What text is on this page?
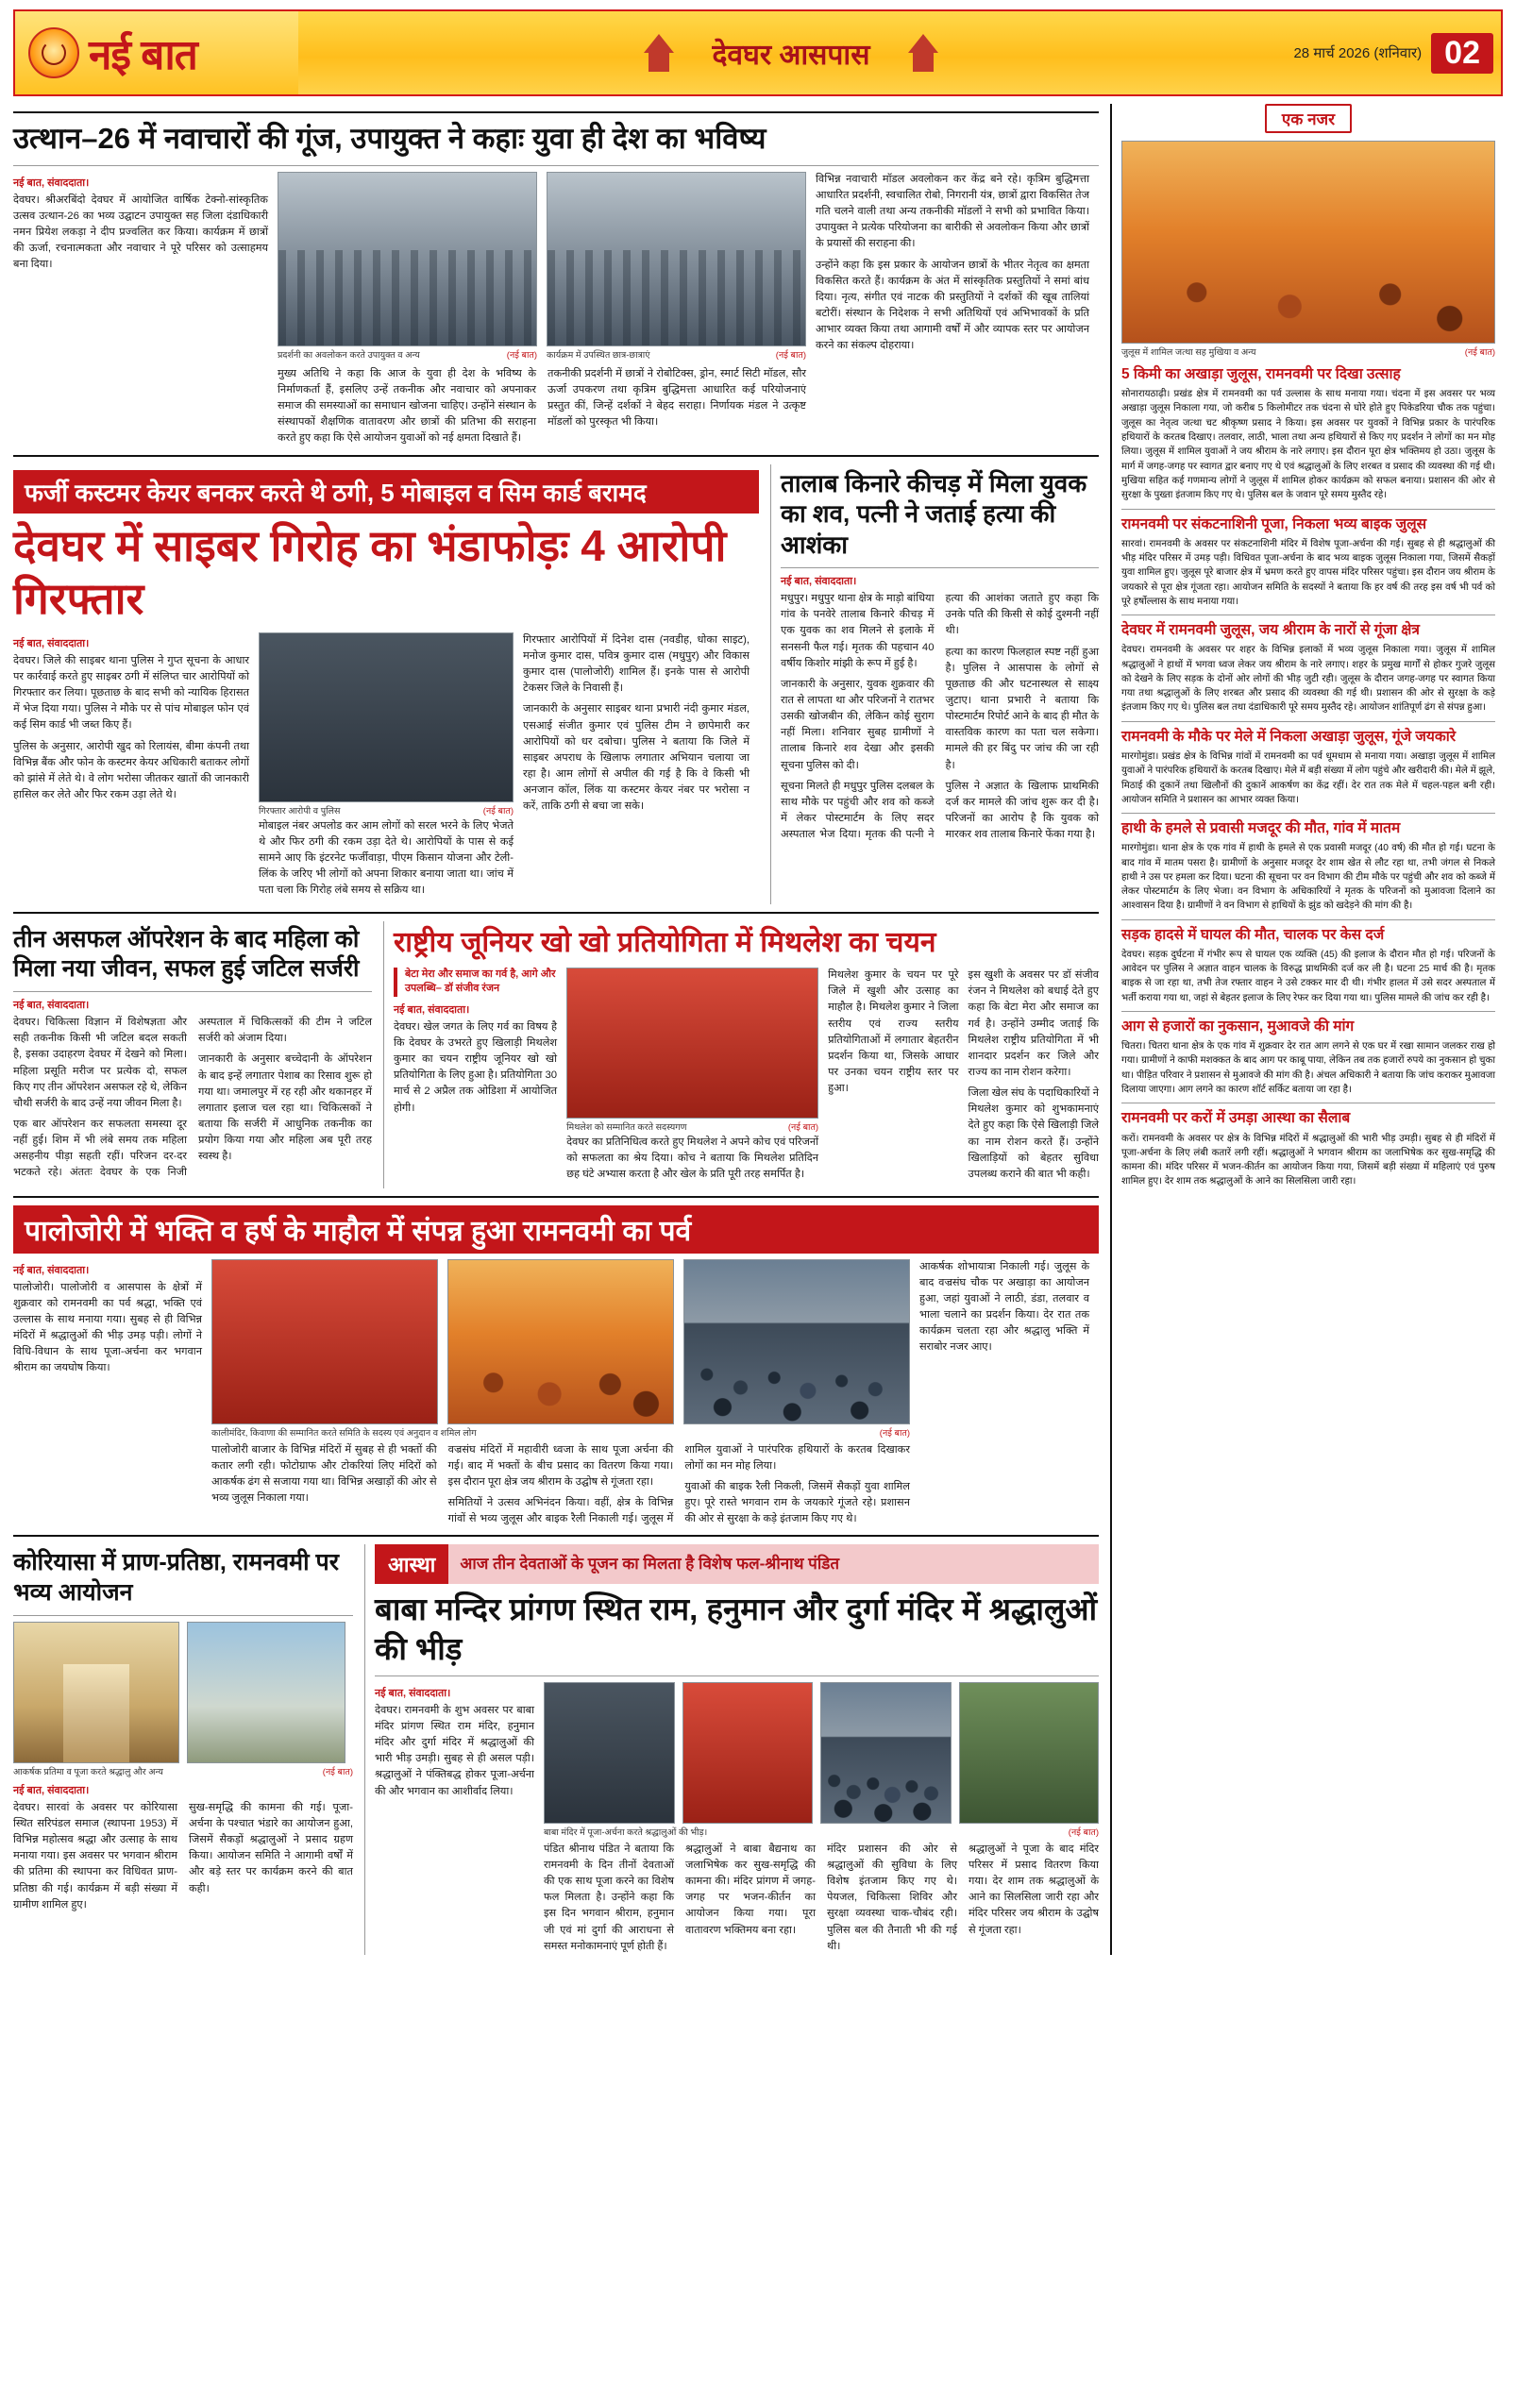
नई बात	देवघर आसपास	28 मार्च 2026 (शनिवार) 02
उत्थान–26 में नवाचारों की गूंज, उपायुक्त ने कहाः युवा ही देश का भविष्य
नई बात, संवाददाता।

देवघर। श्रीअरबिंदो देवघर में आयोजित वार्षिक टेक्नो-सांस्कृतिक उत्सव उत्थान-26 का भव्य उद्घाटन उपायुक्त सह जिला दंडाधिकारी नमन प्रियेश लकड़ा ने दीप प्रज्वलित कर किया। कार्यक्रम में छात्रों की ऊर्जा, रचनात्मकता और नवाचार ने पूरे परिसर को उत्साहमय बना दिया।

प्रदर्शनी का अवलोकन करते उपायुक्त व अन्य	(नई बात) कार्यक्रम में उपस्थित छात्र-छात्राएं	(नई बात)

मुख्य अतिथि ने कहा कि आज के युवा ही देश के भविष्य के निर्माणकर्ता हैं, इसलिए उन्हें तकनीक और नवाचार को अपनाकर समाज की समस्याओं का समाधान खोजना चाहिए। उन्होंने संस्थान के संस्थापकों शैक्षणिक वातावरण और छात्रों की प्रतिभा की सराहना करते हुए कहा कि ऐसे आयोजन युवाओं को नई क्षमता दिखाते हैं।

तकनीकी प्रदर्शनी में छात्रों ने रोबोटिक्स, ड्रोन, स्मार्ट सिटी मॉडल, सौर ऊर्जा उपकरण तथा कृत्रिम बुद्धिमत्ता आधारित कई परियोजनाएं प्रस्तुत कीं, जिन्हें दर्शकों ने बेहद सराहा। निर्णायक मंडल ने उत्कृष्ट मॉडलों को पुरस्कृत भी किया।

विभिन्न नवाचारी मॉडल अवलोकन कर केंद्र बने रहे। कृत्रिम बुद्धिमत्ता आधारित प्रदर्शनी, स्वचालित रोबो, निगरानी यंत्र, छात्रों द्वारा विकसित तेज गति चलने वाली तथा अन्य तकनीकी मॉडलों ने सभी को प्रभावित किया। उपायुक्त ने प्रत्येक परियोजना का बारीकी से अवलोकन किया और छात्रों के प्रयासों की सराहना की।

उन्होंने कहा कि इस प्रकार के आयोजन छात्रों के भीतर नेतृत्व का क्षमता विकसित करते हैं। कार्यक्रम के अंत में सांस्कृतिक प्रस्तुतियों ने समां बांध दिया। नृत्य, संगीत एवं नाटक की प्रस्तुतियों ने दर्शकों की खूब तालियां बटोरीं। संस्थान के निदेशक ने सभी अतिथियों एवं अभिभावकों के प्रति आभार व्यक्त किया तथा आगामी वर्षों में और व्यापक स्तर पर आयोजन करने का संकल्प दोहराया।

फर्जी कस्टमर केयर बनकर करते थे ठगी, 5 मोबाइल व सिम कार्ड बरामद
देवघर में साइबर गिरोह का भंडाफोड़ः 4 आरोपी गिरफ्तार
नई बात, संवाददाता।

देवघर। जिले की साइबर थाना पुलिस ने गुप्त सूचना के आधार पर कार्रवाई करते हुए साइबर ठगी में संलिप्त चार आरोपियों को गिरफ्तार कर लिया। पूछताछ के बाद सभी को न्यायिक हिरासत में भेज दिया गया। पुलिस ने मौके पर से पांच मोबाइल फोन एवं कई सिम कार्ड भी जब्त किए हैं।

पुलिस के अनुसार, आरोपी खुद को रिलायंस, बीमा कंपनी तथा विभिन्न बैंक और फोन के कस्टमर केयर अधिकारी बताकर लोगों को झांसे में लेते थे। वे लोग भरोसा जीतकर खातों की जानकारी हासिल कर लेते और फिर रकम उड़ा लेते थे।

गिरफ्तार आरोपी व पुलिस	(नई बात)

मोबाइल नंबर अपलोड कर आम लोगों को सरल भरने के लिए भेजते थे और फिर ठगी की रकम उड़ा देते थे। आरोपियों के पास से कई सामने आए कि इंटरनेट फर्जीवाड़ा, पीएम किसान योजना और टेली-लिंक के जरिए भी लोगों को अपना शिकार बनाया जाता था। जांच में पता चला कि गिरोह लंबे समय से सक्रिय था।

गिरफ्तार आरोपियों में दिनेश दास (नवडीह, धोका साइट), मनोज कुमार दास, पवित्र कुमार दास (मधुपुर) और विकास कुमार दास (पालोजोरी) शामिल हैं। इनके पास से आरोपी टेकसर जिले के निवासी हैं।

जानकारी के अनुसार साइबर थाना प्रभारी नंदी कुमार मंडल, एसआई संजीत कुमार एवं पुलिस टीम ने छापेमारी कर आरोपियों को धर दबोचा। पुलिस ने बताया कि जिले में साइबर अपराध के खिलाफ लगातार अभियान चलाया जा रहा है। आम लोगों से अपील की गई है कि वे किसी भी अनजान कॉल, लिंक या कस्टमर केयर नंबर पर भरोसा न करें, ताकि ठगी से बचा जा सके।

तालाब किनारे कीचड़ में मिला युवक का शव, पत्नी ने जताई हत्या की आशंका
नई बात, संवाददाता।

मधुपुर। मधुपुर थाना क्षेत्र के माड़ो बांधिया गांव के पनवेरे तालाब किनारे कीचड़ में एक युवक का शव मिलने से इलाके में सनसनी फैल गई। मृतक की पहचान 40 वर्षीय किशोर मांझी के रूप में हुई है।

जानकारी के अनुसार, युवक शुक्रवार की रात से लापता था और परिजनों ने रातभर उसकी खोजबीन की, लेकिन कोई सुराग नहीं मिला। शनिवार सुबह ग्रामीणों ने तालाब किनारे शव देखा और इसकी सूचना पुलिस को दी।

सूचना मिलते ही मधुपुर पुलिस दलबल के साथ मौके पर पहुंची और शव को कब्जे में लेकर पोस्टमार्टम के लिए सदर अस्पताल भेज दिया। मृतक की पत्नी ने हत्या की आशंका जताते हुए कहा कि उनके पति की किसी से कोई दुश्मनी नहीं थी।

हत्या का कारण फिलहाल स्पष्ट नहीं हुआ है। पुलिस ने आसपास के लोगों से पूछताछ की और घटनास्थल से साक्ष्य जुटाए। थाना प्रभारी ने बताया कि पोस्टमार्टम रिपोर्ट आने के बाद ही मौत के वास्तविक कारण का पता चल सकेगा। मामले की हर बिंदु पर जांच की जा रही है।

पुलिस ने अज्ञात के खिलाफ प्राथमिकी दर्ज कर मामले की जांच शुरू कर दी है। परिजनों का आरोप है कि युवक को मारकर शव तालाब किनारे फेंका गया है।

तीन असफल ऑपरेशन के बाद महिला को मिला नया जीवन, सफल हुई जटिल सर्जरी
नई बात, संवाददाता।

देवघर। चिकित्सा विज्ञान में विशेषज्ञता और सही तकनीक किसी भी जटिल बदल सकती है, इसका उदाहरण देवघर में देखने को मिला। महिला प्रसूति मरीज पर प्रत्येक दो, सफल किए गए तीन ऑपरेशन असफल रहे थे, लेकिन चौथी सर्जरी के बाद उन्हें नया जीवन मिला है।

एक बार ऑपरेशन कर सफलता समस्या दूर नहीं हुई। शिम में भी लंबे समय तक महिला असहनीय पीड़ा सहती रहीं। परिजन दर-दर भटकते रहे। अंततः देवघर के एक निजी अस्पताल में चिकित्सकों की टीम ने जटिल सर्जरी को अंजाम दिया।

जानकारी के अनुसार बच्चेदानी के ऑपरेशन के बाद इन्हें लगातार पेशाब का रिसाव शुरू हो गया था। जमालपुर में रह रही और थकानहर में लगातार इलाज चल रहा था। चिकित्सकों ने बताया कि सर्जरी में आधुनिक तकनीक का प्रयोग किया गया और महिला अब पूरी तरह स्वस्थ है।

राष्ट्रीय जूनियर खो खो प्रतियोगिता में मिथलेश का चयन
बेटा मेरा और समाज का गर्व है, आगे और उपलब्धि– डॉ संजीव रंजन
नई बात, संवाददाता।

देवघर। खेल जगत के लिए गर्व का विषय है कि देवघर के उभरते हुए खिलाड़ी मिथलेश कुमार का चयन राष्ट्रीय जूनियर खो खो प्रतियोगिता के लिए हुआ है। प्रतियोगिता 30 मार्च से 2 अप्रैल तक ओडिशा में आयोजित होगी।

मिथलेश को सम्मानित करते सदस्यगण	(नई बात)

देवघर का प्रतिनिधित्व करते हुए मिथलेश ने अपने कोच एवं परिजनों को सफलता का श्रेय दिया। कोच ने बताया कि मिथलेश प्रतिदिन छह घंटे अभ्यास करता है और खेल के प्रति पूरी तरह समर्पित है।

मिथलेश कुमार के चयन पर पूरे जिले में खुशी और उत्साह का माहौल है। मिथलेश कुमार ने जिला स्तरीय एवं राज्य स्तरीय प्रतियोगिताओं में लगातार बेहतरीन प्रदर्शन किया था, जिसके आधार पर उनका चयन राष्ट्रीय स्तर पर हुआ।

इस खुशी के अवसर पर डॉ संजीव रंजन ने मिथलेश को बधाई देते हुए कहा कि बेटा मेरा और समाज का गर्व है। उन्होंने उम्मीद जताई कि मिथलेश राष्ट्रीय प्रतियोगिता में भी शानदार प्रदर्शन कर जिले और राज्य का नाम रोशन करेगा।

जिला खेल संघ के पदाधिकारियों ने मिथलेश कुमार को शुभकामनाएं देते हुए कहा कि ऐसे खिलाड़ी जिले का नाम रोशन करते हैं। उन्होंने खिलाड़ियों को बेहतर सुविधा उपलब्ध कराने की बात भी कही।

पालोजोरी में भक्ति व हर्ष के माहौल में संपन्न हुआ रामनवमी का पर्व
नई बात, संवाददाता।

पालोजोरी। पालोजोरी व आसपास के क्षेत्रों में शुक्रवार को रामनवमी का पर्व श्रद्धा, भक्ति एवं उल्लास के साथ मनाया गया। सुबह से ही विभिन्न मंदिरों में श्रद्धालुओं की भीड़ उमड़ पड़ी। लोगों ने विधि-विधान के साथ पूजा-अर्चना कर भगवान श्रीराम का जयघोष किया।

कालीमंदिर, किवाणा की सम्मानित करते समिति के सदस्य एवं अनुदान व शमिल लोग	(नई बात)

पालोजोरी बाजार के विभिन्न मंदिरों में सुबह से ही भक्तों की कतार लगी रही। फोटोग्राफ और टोकरियां लिए मंदिरों को आकर्षक ढंग से सजाया गया था। विभिन्न अखाड़ों की ओर से भव्य जुलूस निकाला गया।

वज्रसंघ मंदिरों में महावीरी ध्वजा के साथ पूजा अर्चना की गई। बाद में भक्तों के बीच प्रसाद का वितरण किया गया। इस दौरान पूरा क्षेत्र जय श्रीराम के उद्घोष से गूंजता रहा।

समितियों ने उत्सव अभिनंदन किया। वहीं, क्षेत्र के विभिन्न गांवों से भव्य जुलूस और बाइक रैली निकाली गई। जुलूस में शामिल युवाओं ने पारंपरिक हथियारों के करतब दिखाकर लोगों का मन मोह लिया।

युवाओं की बाइक रैली निकली, जिसमें सैकड़ों युवा शामिल हुए। पूरे रास्ते भगवान राम के जयकारे गूंजते रहे। प्रशासन की ओर से सुरक्षा के कड़े इंतजाम किए गए थे।

आकर्षक शोभायात्रा निकाली गई। जुलूस के बाद वज्रसंघ चौक पर अखाड़ा का आयोजन हुआ, जहां युवाओं ने लाठी, डंडा, तलवार व भाला चलाने का प्रदर्शन किया। देर रात तक कार्यक्रम चलता रहा और श्रद्धालु भक्ति में सराबोर नजर आए।

कोरियासा में प्राण-प्रतिष्ठा, रामनवमी पर भव्य आयोजन
आकर्षक प्रतिमा व पूजा करते श्रद्धालु और अन्य	(नई बात)
नई बात, संवाददाता।

देवघर। सारवां के अवसर पर कोरियासा स्थित सरिपंडल समाज (स्थापना 1953) में विभिन्न महोत्सव श्रद्धा और उत्साह के साथ मनाया गया। इस अवसर पर भगवान श्रीराम की प्रतिमा की स्थापना कर विधिवत प्राण-प्रतिष्ठा की गई। कार्यक्रम में बड़ी संख्या में ग्रामीण शामिल हुए।

सुख-समृद्धि की कामना की गई। पूजा-अर्चना के पश्चात भंडारे का आयोजन हुआ, जिसमें सैकड़ों श्रद्धालुओं ने प्रसाद ग्रहण किया। आयोजन समिति ने आगामी वर्षों में और बड़े स्तर पर कार्यक्रम करने की बात कही।

आस्था	आज तीन देवताओं के पूजन का मिलता है विशेष फल-श्रीनाथ पंडित
बाबा मन्दिर प्रांगण स्थित राम, हनुमान और दुर्गा मंदिर में श्रद्धालुओं की भीड़
नई बात, संवाददाता।

देवघर। रामनवमी के शुभ अवसर पर बाबा मंदिर प्रांगण स्थित राम मंदिर, हनुमान मंदिर और दुर्गा मंदिर में श्रद्धालुओं की भारी भीड़ उमड़ी। सुबह से ही असल पड़ी। श्रद्धालुओं ने पंक्तिबद्ध होकर पूजा-अर्चना की और भगवान का आशीर्वाद लिया।

बाबा मंदिर में पूजा-अर्चना करते श्रद्धालुओं की भीड़।	(नई बात)

पंडित श्रीनाथ पंडित ने बताया कि रामनवमी के दिन तीनों देवताओं की एक साथ पूजा करने का विशेष फल मिलता है। उन्होंने कहा कि इस दिन भगवान श्रीराम, हनुमान जी एवं मां दुर्गा की आराधना से समस्त मनोकामनाएं पूर्ण होती हैं।

श्रद्धालुओं ने बाबा बैद्यनाथ का जलाभिषेक कर सुख-समृद्धि की कामना की। मंदिर प्रांगण में जगह-जगह पर भजन-कीर्तन का आयोजन किया गया। पूरा वातावरण भक्तिमय बना रहा।

मंदिर प्रशासन की ओर से श्रद्धालुओं की सुविधा के लिए विशेष इंतजाम किए गए थे। पेयजल, चिकित्सा शिविर और सुरक्षा व्यवस्था चाक-चौबंद रही। पुलिस बल की तैनाती भी की गई थी।

श्रद्धालुओं ने पूजा के बाद मंदिर परिसर में प्रसाद वितरण किया गया। देर शाम तक श्रद्धालुओं के आने का सिलसिला जारी रहा और मंदिर परिसर जय श्रीराम के उद्घोष से गूंजता रहा।

एक नजर
जुलूस में शामिल जत्था सह मुखिया व अन्य	(नई बात)
5 किमी का अखाड़ा जुलूस, रामनवमी पर दिखा उत्साह
सोनारायठाढ़ी। प्रखंड क्षेत्र में रामनवमी का पर्व उल्लास के साथ मनाया गया। चंदना में इस अवसर पर भव्य अखाड़ा जुलूस निकाला गया, जो करीब 5 किलोमीटर तक चंदना से घोरे होते हुए पिकेडरिया चौक तक पहुंचा। जुलूस का नेतृत्व जत्था चट श्रीकृष्ण प्रसाद ने किया। इस अवसर पर युवकों ने विभिन्न प्रकार के पारंपरिक हथियारों के करतब दिखाए। तलवार, लाठी, भाला तथा अन्य हथियारों से किए गए प्रदर्शन ने लोगों का मन मोह लिया। जुलूस में शामिल युवाओं ने जय श्रीराम के नारे लगाए। इस दौरान पूरा क्षेत्र भक्तिमय हो उठा। जुलूस के मार्ग में जगह-जगह पर स्वागत द्वार बनाए गए थे एवं श्रद्धालुओं के लिए शरबत व प्रसाद की व्यवस्था की गई थी। मुखिया सहित कई गणमान्य लोगों ने जुलूस में शामिल होकर कार्यक्रम को सफल बनाया। प्रशासन की ओर से सुरक्षा के पुख्ता इंतजाम किए गए थे। पुलिस बल के जवान पूरे समय मुस्तैद रहे।
रामनवमी पर संकटनाशिनी पूजा, निकला भव्य बाइक जुलूस
सारवां। रामनवमी के अवसर पर संकटनाशिनी मंदिर में विशेष पूजा-अर्चना की गई। सुबह से ही श्रद्धालुओं की भीड़ मंदिर परिसर में उमड़ पड़ी। विधिवत पूजा-अर्चना के बाद भव्य बाइक जुलूस निकाला गया, जिसमें सैकड़ों युवा शामिल हुए। जुलूस पूरे बाजार क्षेत्र में भ्रमण करते हुए वापस मंदिर परिसर पहुंचा। इस दौरान जय श्रीराम के जयकारे से पूरा क्षेत्र गूंजता रहा। आयोजन समिति के सदस्यों ने बताया कि हर वर्ष की तरह इस वर्ष भी पर्व को पूरे हर्षोल्लास के साथ मनाया गया।
देवघर में रामनवमी जुलूस, जय श्रीराम के नारों से गूंजा क्षेत्र
देवघर। रामनवमी के अवसर पर शहर के विभिन्न इलाकों में भव्य जुलूस निकाला गया। जुलूस में शामिल श्रद्धालुओं ने हाथों में भगवा ध्वज लेकर जय श्रीराम के नारे लगाए। शहर के प्रमुख मार्गों से होकर गुजरे जुलूस को देखने के लिए सड़क के दोनों ओर लोगों की भीड़ जुटी रही। जुलूस के दौरान जगह-जगह पर स्वागत किया गया तथा श्रद्धालुओं के लिए शरबत और प्रसाद की व्यवस्था की गई थी। प्रशासन की ओर से सुरक्षा के कड़े इंतजाम किए गए थे। पुलिस बल तथा दंडाधिकारी पूरे समय मुस्तैद रहे। आयोजन शांतिपूर्ण ढंग से संपन्न हुआ।
रामनवमी के मौके पर मेले में निकला अखाड़ा जुलूस, गूंजे जयकारे
मारगोमुंडा। प्रखंड क्षेत्र के विभिन्न गांवों में रामनवमी का पर्व धूमधाम से मनाया गया। अखाड़ा जुलूस में शामिल युवाओं ने पारंपरिक हथियारों के करतब दिखाए। मेले में बड़ी संख्या में लोग पहुंचे और खरीदारी की। मेले में झूले, मिठाई की दुकानें तथा खिलौनों की दुकानें आकर्षण का केंद्र रहीं। देर रात तक मेले में चहल-पहल बनी रही। आयोजन समिति ने प्रशासन का आभार व्यक्त किया।
हाथी के हमले से प्रवासी मजदूर की मौत, गांव में मातम
मारगोमुंडा। थाना क्षेत्र के एक गांव में हाथी के हमले से एक प्रवासी मजदूर (40 वर्ष) की मौत हो गई। घटना के बाद गांव में मातम पसरा है। ग्रामीणों के अनुसार मजदूर देर शाम खेत से लौट रहा था, तभी जंगल से निकले हाथी ने उस पर हमला कर दिया। घटना की सूचना पर वन विभाग की टीम मौके पर पहुंची और शव को कब्जे में लेकर पोस्टमार्टम के लिए भेजा। वन विभाग के अधिकारियों ने मृतक के परिजनों को मुआवजा दिलाने का आश्वासन दिया है। ग्रामीणों ने वन विभाग से हाथियों के झुंड को खदेड़ने की मांग की है।
सड़क हादसे में घायल की मौत, चालक पर केस दर्ज
देवघर। सड़क दुर्घटना में गंभीर रूप से घायल एक व्यक्ति (45) की इलाज के दौरान मौत हो गई। परिजनों के आवेदन पर पुलिस ने अज्ञात वाहन चालक के विरुद्ध प्राथमिकी दर्ज कर ली है। घटना 25 मार्च की है। मृतक बाइक से जा रहा था, तभी तेज रफ्तार वाहन ने उसे टक्कर मार दी थी। गंभीर हालत में उसे सदर अस्पताल में भर्ती कराया गया था, जहां से बेहतर इलाज के लिए रेफर कर दिया गया था। पुलिस मामले की जांच कर रही है।
आग से हजारों का नुकसान, मुआवजे की मांग
चितरा। चितरा थाना क्षेत्र के एक गांव में शुक्रवार देर रात आग लगने से एक घर में रखा सामान जलकर राख हो गया। ग्रामीणों ने काफी मशक्कत के बाद आग पर काबू पाया, लेकिन तब तक हजारों रुपये का नुकसान हो चुका था। पीड़ित परिवार ने प्रशासन से मुआवजे की मांग की है। अंचल अधिकारी ने बताया कि जांच कराकर मुआवजा दिलाया जाएगा। आग लगने का कारण शॉर्ट सर्किट बताया जा रहा है।
रामनवमी पर करों में उमड़ा आस्था का सैलाब
करों। रामनवमी के अवसर पर क्षेत्र के विभिन्न मंदिरों में श्रद्धालुओं की भारी भीड़ उमड़ी। सुबह से ही मंदिरों में पूजा-अर्चना के लिए लंबी कतारें लगी रहीं। श्रद्धालुओं ने भगवान श्रीराम का जलाभिषेक कर सुख-समृद्धि की कामना की। मंदिर परिसर में भजन-कीर्तन का आयोजन किया गया, जिसमें बड़ी संख्या में महिलाएं एवं पुरुष शामिल हुए। देर शाम तक श्रद्धालुओं के आने का सिलसिला जारी रहा।
